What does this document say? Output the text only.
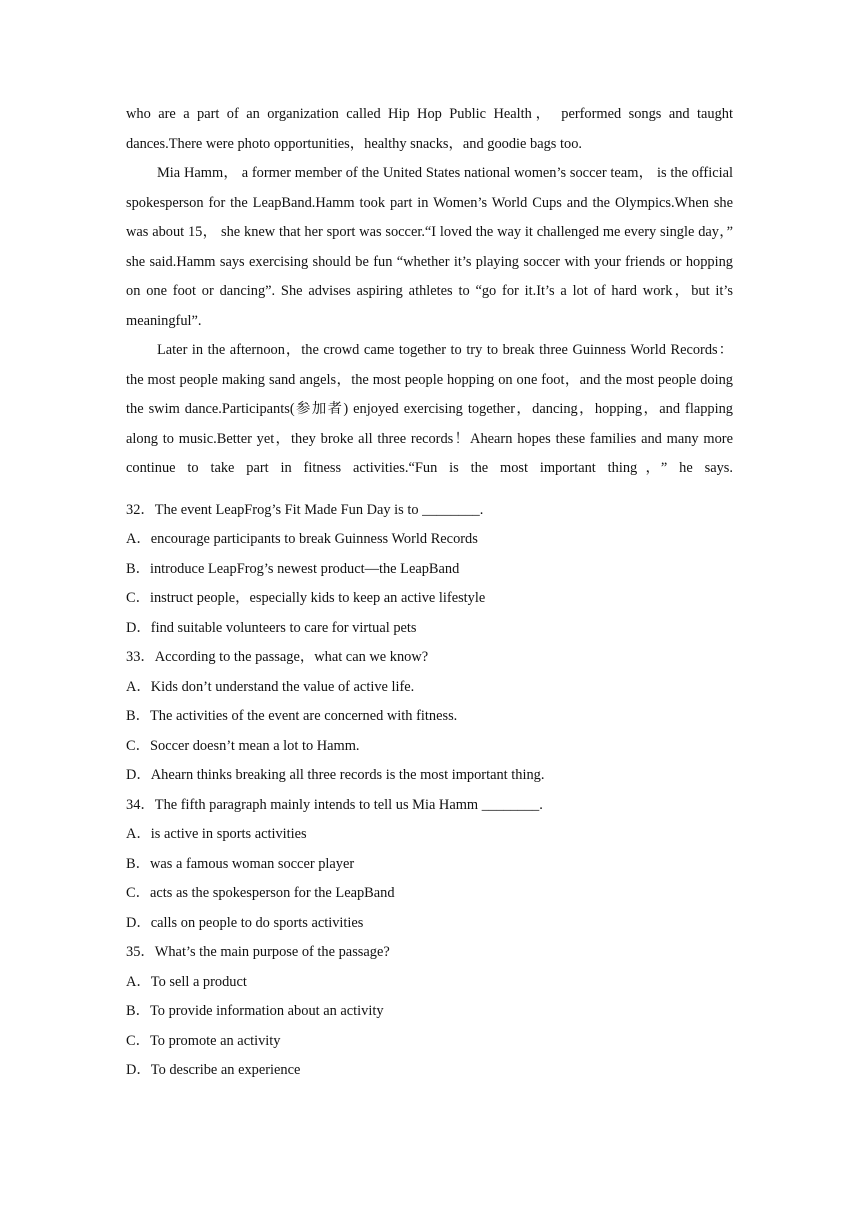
who are a part of an organization called Hip Hop Public Health， performed songs and taught dances.There were photo opportunities，healthy snacks，and goodie bags too.

Mia Hamm， a former member of the United States national women’s soccer team， is the official spokesperson for the LeapBand.Hamm took part in Women’s World Cups and the Olympics.When she was about 15， she knew that her sport was soccer.“I loved the way it challenged me every single day，” she said.Hamm says exercising should be fun “whether it’s playing soccer with your friends or hopping on one foot or dancing”. She advises aspiring athletes to “go for it.It’s a lot of hard work，but it’s meaningful”.

Later in the afternoon，the crowd came together to try to break three Guinness World Records：the most people making sand angels，the most people hopping on one foot，and the most people doing the swim dance.Participants(参加者) enjoyed exercising together，dancing，hopping，and flapping along to music.Better yet，they broke all three records！Ahearn hopes these families and many more continue to take part in fitness activities.“Fun is the most important thing，” he says.

32．The event LeapFrog’s Fit Made Fun Day is to ________.

A．encourage participants to break Guinness World Records

B．introduce LeapFrog’s newest product—the LeapBand

C．instruct people，especially kids to keep an active lifestyle

D．find suitable volunteers to care for virtual pets

33．According to the passage，what can we know?

A．Kids don’t understand the value of active life.

B．The activities of the event are concerned with fitness.

C．Soccer doesn’t mean a lot to Hamm.

D．Ahearn thinks breaking all three records is the most important thing.

34．The fifth paragraph mainly intends to tell us Mia Hamm ________.

A．is active in sports activities

B．was a famous woman soccer player

C．acts as the spokesperson for the LeapBand

D．calls on people to do sports activities

35．What’s the main purpose of the passage?

A．To sell a product

B．To provide information about an activity

C．To promote an activity

D．To describe an experience
